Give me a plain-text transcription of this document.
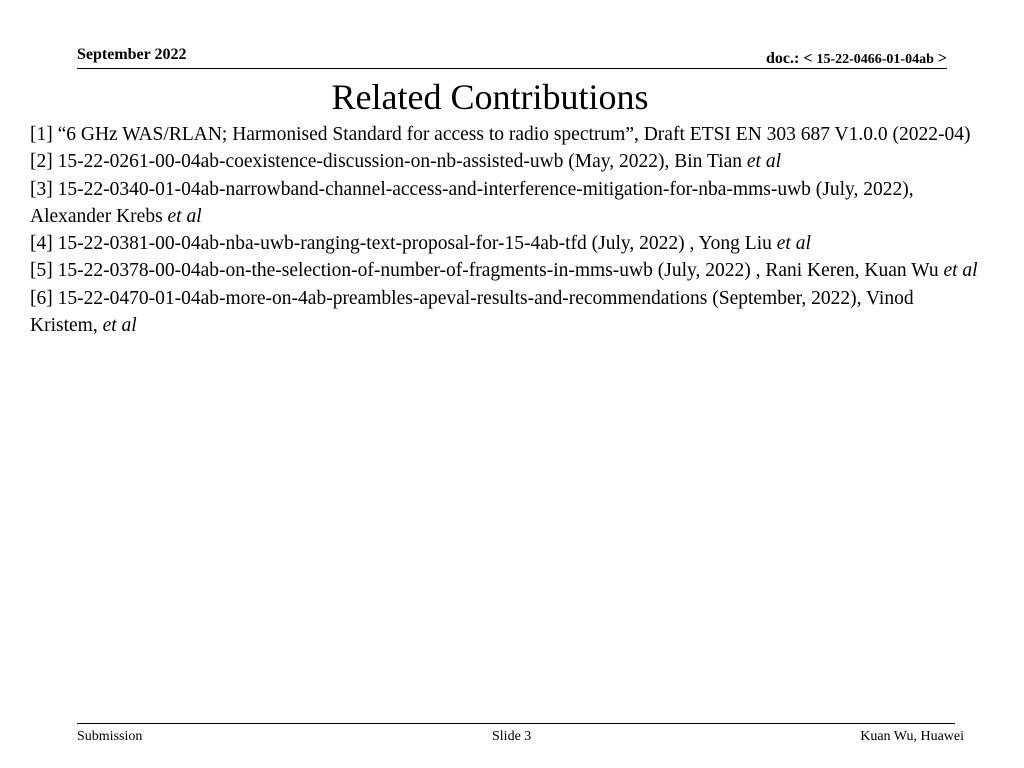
September 2022	doc.: < 15-22-0466-01-04ab >
Related Contributions

[1] “6 GHz WAS/RLAN; Harmonised Standard for access to radio spectrum”, Draft ETSI EN 303 687 V1.0.0 (2022-04)

[2] 15-22-0261-00-04ab-coexistence-discussion-on-nb-assisted-uwb (May, 2022), Bin Tian et al

[3] 15-22-0340-01-04ab-narrowband-channel-access-and-interference-mitigation-for-nba-mms-uwb (July, 2022), Alexander Krebs et al

[4] 15-22-0381-00-04ab-nba-uwb-ranging-text-proposal-for-15-4ab-tfd (July, 2022) , Yong Liu et al

[5] 15-22-0378-00-04ab-on-the-selection-of-number-of-fragments-in-mms-uwb (July, 2022) , Rani Keren, Kuan Wu et al

[6] 15-22-0470-01-04ab-more-on-4ab-preambles-apeval-results-and-recommendations (September, 2022), Vinod Kristem, et al

Submission	Slide 3	Kuan Wu, Huawei
